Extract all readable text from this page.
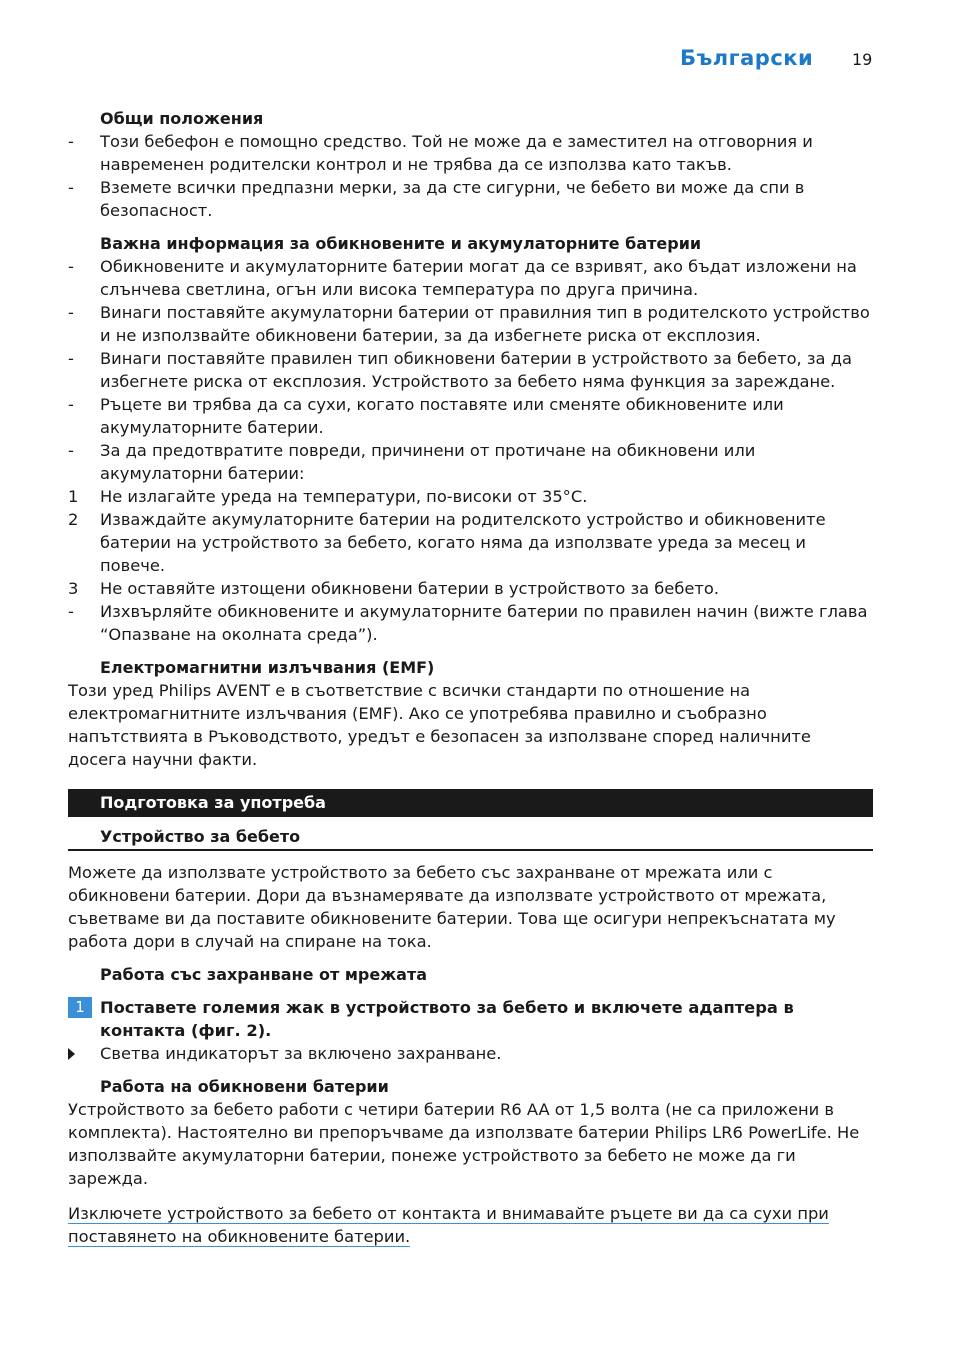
Български 19
Общи положения
-	Този бебефон е помощно средство. Той не може да е заместител на отговорния и навременен родителски контрол и не трябва да се използва като такъв.
-	Вземете всички предпазни мерки, за да сте сигурни, че бебето ви може да спи в безопасност.
Важна информация за обикновените и акумулаторните батерии
-	Обикновените и акумулаторните батерии могат да се взривят, ако бъдат изложени на слънчева светлина, огън или висока температура по друга причина.
-	Винаги поставяйте акумулаторни батерии от правилния тип в родителското устройство и не използвайте обикновени батерии, за да избегнете риска от експлозия.
-	Винаги поставяйте правилен тип обикновени батерии в устройството за бебето, за да избегнете риска от експлозия. Устройството за бебето няма функция за зареждане.
-	Ръцете ви трябва да са сухи, когато поставяте или сменяте обикновените или акумулаторните батерии.
-	За да предотвратите повреди, причинени от протичане на обикновени или акумулаторни батерии:
1	Не излагайте уреда на температури, по-високи от 35°C.
2	Изваждайте акумулаторните батерии на родителското устройство и обикновените батерии на устройството за бебето, когато няма да използвате уреда за месец и повече.
3	Не оставяйте изтощени обикновени батерии в устройството за бебето.
-	Изхвърляйте обикновените и акумулаторните батерии по правилен начин (вижте глава “Опазване на околната среда”).
Електромагнитни излъчвания (EMF)
Този уред Philips AVENT е в съответствие с всички стандарти по отношение на електромагнитните излъчвания (EMF). Ако се употребява правилно и съобразно напътствията в Ръководството, уредът е безопасен за използване според наличните досега научни факти.
Подготовка за употреба
Устройство за бебето
Можете да използвате устройството за бебето със захранване от мрежата или с обикновени батерии. Дори да възнамерявате да използвате устройството от мрежата, съветваме ви да поставите обикновените батерии. Това ще осигури непрекъснатата му работа дори в случай на спиране на тока.
Работа със захранване от мрежата
1 Поставете големия жак в устройството за бебето и включете адаптера в контакта (фиг. 2).
Светва индикаторът за включено захранване.
Работа на обикновени батерии
Устройството за бебето работи с четири батерии R6 AA от 1,5 волта (не са приложени в комплекта). Настоятелно ви препоръчваме да използвате батерии Philips LR6 PowerLife. Не използвайте акумулаторни батерии, понеже устройството за бебето не може да ги зарежда.
Изключете устройството за бебето от контакта и внимавайте ръцете ви да са сухи при
поставянето на обикновените батерии.
